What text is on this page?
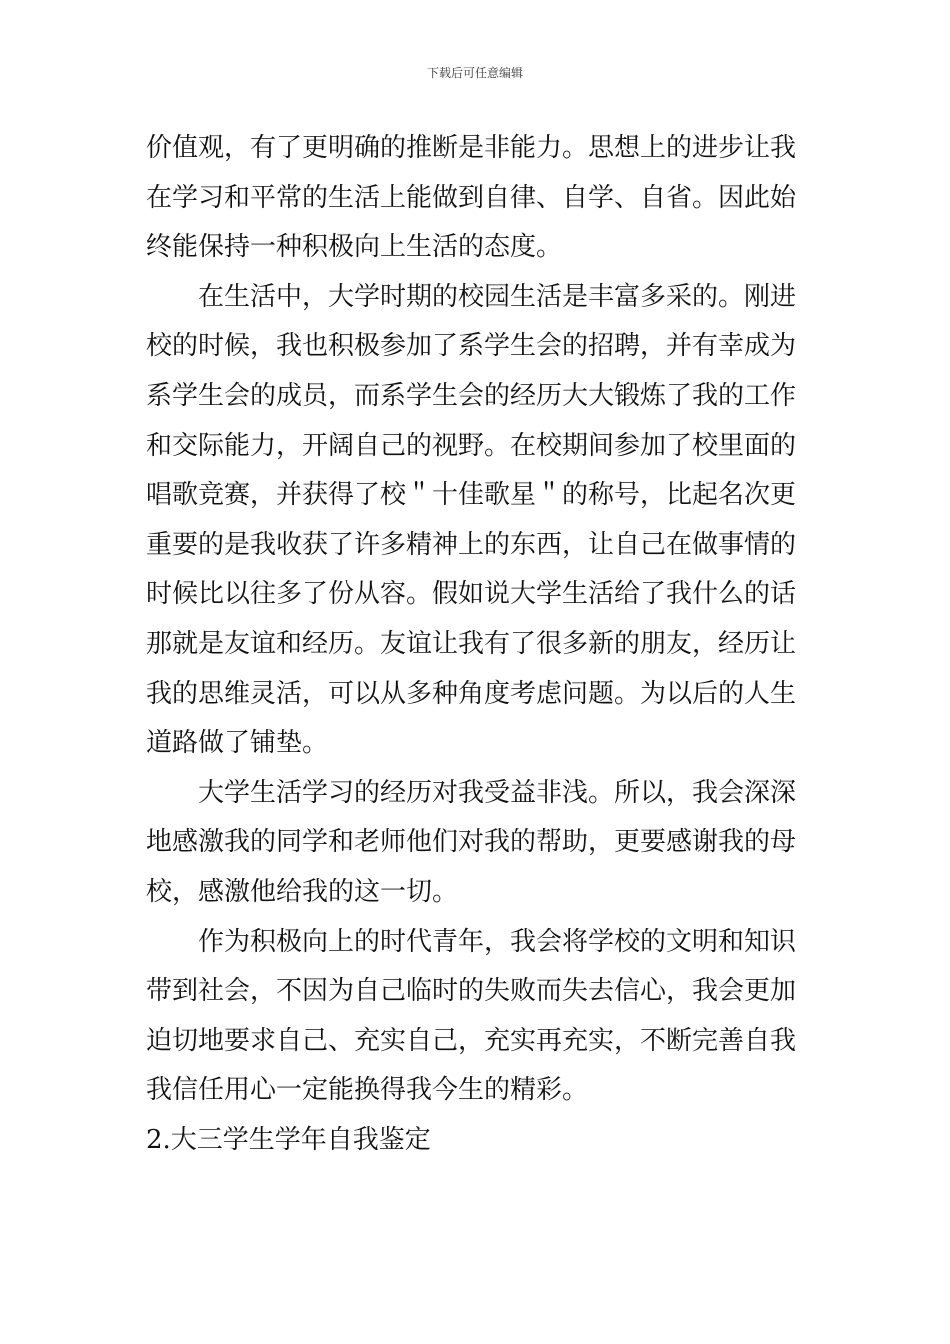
下载后可任意编辑
价值观，有了更明确的推断是非能力。思想上的进步让我
在学习和平常的生活上能做到自律、自学、自省。因此始
终能保持一种积极向上生活的态度。
在生活中，大学时期的校园生活是丰富多采的。刚进
校的时候，我也积极参加了系学生会的招聘，并有幸成为
系学生会的成员，而系学生会的经历大大锻炼了我的工作
和交际能力，开阔自己的视野。在校期间参加了校里面的
唱歌竞赛，并获得了校＂十佳歌星＂的称号，比起名次更
重要的是我收获了许多精神上的东西，让自己在做事情的
时候比以往多了份从容。假如说大学生活给了我什么的话
那就是友谊和经历。友谊让我有了很多新的朋友，经历让
我的思维灵活，可以从多种角度考虑问题。为以后的人生
道路做了铺垫。
大学生活学习的经历对我受益非浅。所以，我会深深
地感激我的同学和老师他们对我的帮助，更要感谢我的母
校，感激他给我的这一切。
作为积极向上的时代青年，我会将学校的文明和知识
带到社会，不因为自己临时的失败而失去信心，我会更加
迫切地要求自己、充实自己，充实再充实，不断完善自我
我信任用心一定能换得我今生的精彩。
2.大三学生学年自我鉴定
